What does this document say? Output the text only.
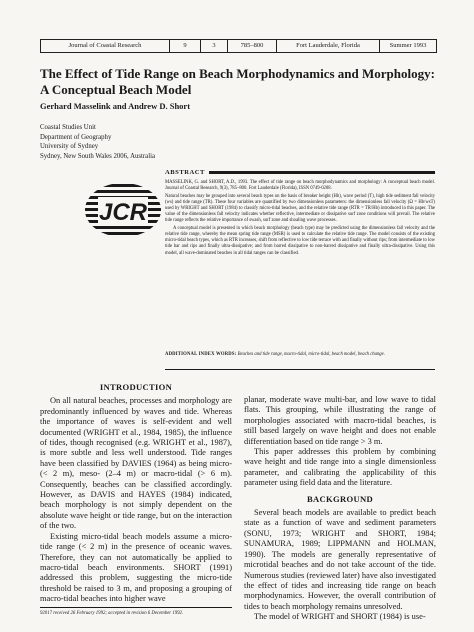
Journal of Coastal Research	9	3	785–800	Fort Lauderdale, Florida	Summer 1993
The Effect of Tide Range on Beach Morphodynamics and Morphology: A Conceptual Beach Model
Gerhard Masselink and Andrew D. Short
Coastal Studies Unit
Department of Geography
University of Sydney
Sydney, New South Wales 2006, Australia
JCR
ABSTRACT

MASSELINK, G. and SHORT, A.D., 1993. The effect of tide range on beach morphodynamics and morphology: A conceptual beach model. Journal of Coastal Research, 9(3), 785–800. Fort Lauderdale (Florida), ISSN 0749-0208.

Natural beaches may be grouped into several beach types on the basis of breaker height (Hb), wave period (T), high tide sediment fall velocity (ws) and tide range (TR). These four variables are quantified by two dimensionless parameters: the dimensionless fall velocity (Ω = Hb/wsT) used by WRIGHT and SHORT (1984) to classify micro-tidal beaches, and the relative tide range (RTR = TR/Hb) introduced in this paper. The value of the dimensionless fall velocity indicates whether reflective, intermediate or dissipative surf zone conditions will prevail. The relative tide range reflects the relative importance of swash, surf zone and shoaling wave processes.

A conceptual model is presented in which beach morphology (beach type) may be predicted using the dimensionless fall velocity and the relative tide range, whereby the mean spring tide range (MSR) is used to calculate the relative tide range. The model consists of the existing micro-tidal beach types, which as RTR increases, shift from reflective to low tide terrace with and finally without rips; from intermediate to low tide bar and rips and finally ultra-dissipative; and from barred dissipative to non-barred dissipative and finally ultra-dissipative. Using this model, all wave-dominated beaches in all tidal ranges can be classified.

ADDITIONAL INDEX WORDS: Beaches and tide range, macro-tidal, micro-tidal, beach model, beach change.
INTRODUCTION

On all natural beaches, processes and morphology are predominantly influenced by waves and tide. Whereas the importance of waves is self-evident and well documented (WRIGHT et al., 1984, 1985), the influence of tides, though recognised (e.g. WRIGHT et al., 1987), is more subtle and less well understood. Tide ranges have been classified by DAVIES (1964) as being micro- (< 2 m), meso- (2–4 m) or macro-tidal (> 6 m). Consequently, beaches can be classified accordingly. However, as DAVIS and HAYES (1984) indicated, beach morphology is not simply dependent on the absolute wave height or tide range, but on the interaction of the two.

Existing micro-tidal beach models assume a micro-tide range (< 2 m) in the presence of oceanic waves. Therefore, they can not automatically be applied to macro-tidal beach environments. SHORT (1991) addressed this problem, suggesting the micro-tide threshold be raised to 3 m, and proposing a grouping of macro-tidal beaches into higher wave

92017 received 26 February 1992; accepted in revision 6 December 1992.

planar, moderate wave multi-bar, and low wave to tidal flats. This grouping, while illustrating the range of morphologies associated with macro-tidal beaches, is still based largely on wave height and does not enable differentiation based on tide range > 3 m.

This paper addresses this problem by combining wave height and tide range into a single dimensionless parameter, and calibrating the applicability of this parameter using field data and the literature.

BACKGROUND

Several beach models are available to predict beach state as a function of wave and sediment parameters (SONU, 1973; WRIGHT and SHORT, 1984; SUNAMURA, 1989; LIPPMANN and HOLMAN, 1990). The models are generally representative of microtidal beaches and do not take account of the tide. Numerous studies (reviewed later) have also investigated the effect of tides and increasing tide range on beach morphodynamics. However, the overall contribution of tides to beach morphology remains unresolved.

The model of WRIGHT and SHORT (1984) is use-
